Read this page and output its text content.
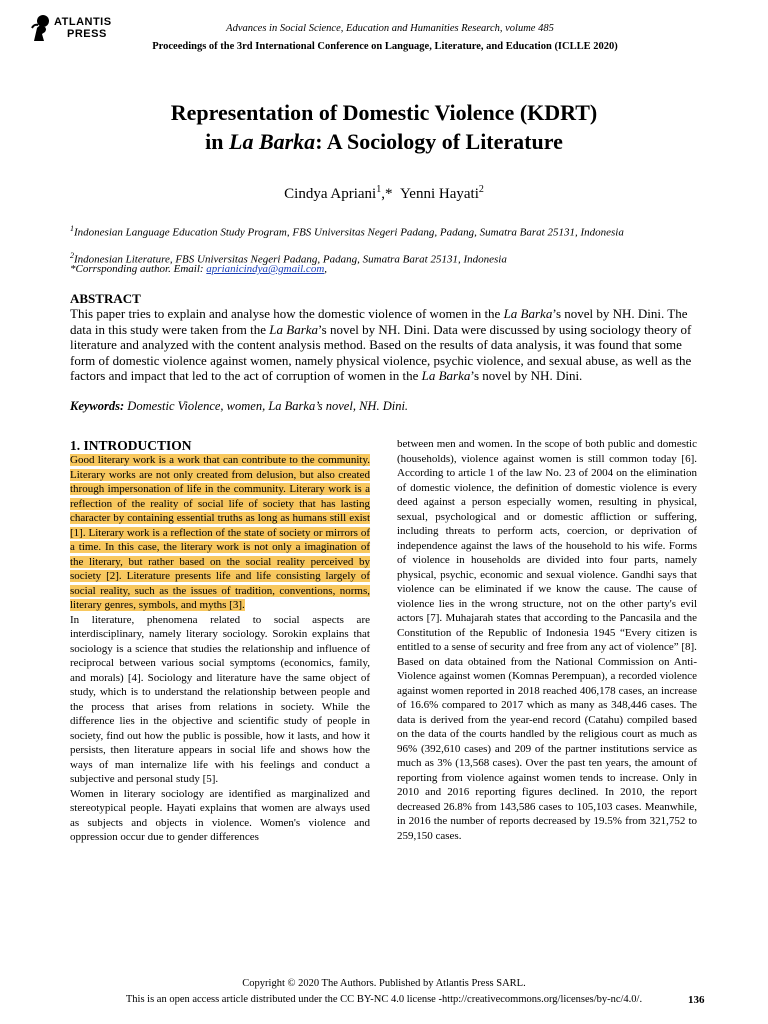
ATLANTIS
PRESS	Advances in Social Science, Education and Humanities Research, volume 485
Proceedings of the 3rd International Conference on Language, Literature, and Education (ICLLE 2020)
Representation of Domestic Violence (KDRT)
in La Barka: A Sociology of Literature
Cindya Apriani$^1$,* Yenni Hayati$^2$
$^1$Indonesian Language Education Study Program, FBS Universitas Negeri Padang, Padang, Sumatra Barat 25131, Indonesia
$^2$Indonesian Literature, FBS Universitas Negeri Padang, Padang, Sumatra Barat 25131, Indonesia
*Corrsponding author. Email: aprianicindya@gmail.com,
ABSTRACT
This paper tries to explain and analyse how the domestic violence of women in the La Barka’s novel by NH. Dini. The data in this study were taken from the La Barka’s novel by NH. Dini. Data were discussed by using sociology theory of literature and analyzed with the content analysis method. Based on the results of data analysis, it was found that some form of domestic violence against women, namely physical violence, psychic violence, and sexual abuse, as well as the factors and impact that led to the act of corruption of women in the La Barka’s novel by NH. Dini.
Keywords: Domestic Violence, women, La Barka’s novel, NH. Dini.
1. INTRODUCTION

Good literary work is a work that can contribute to the community. Literary works are not only created from delusion, but also created through impersonation of life in the community. Literary work is a reflection of the reality of social life of society that has lasting character by containing essential truths as long as humans still exist [1]. Literary work is a reflection of the state of society or mirrors of a time. In this case, the literary work is not only a imagination of the literary, but rather based on the social reality perceived by society [2]. Literature presents life and life consisting largely of social reality, such as the issues of tradition, conventions, norms, literary genres, symbols, and myths [3].

In literature, phenomena related to social aspects are interdisciplinary, namely literary sociology. Sorokin explains that sociology is a science that studies the relationship and influence of reciprocal between various social symptoms (economics, family, and morals) [4]. Sociology and literature have the same object of study, which is to understand the relationship between people and the process that arises from relations in society. While the difference lies in the objective and scientific study of people in society, find out how the public is possible, how it lasts, and how it persists, then literature appears in social life and shows how the ways of man internalize life with his feelings and conduct a subjective and personal study [5].

Women in literary sociology are identified as marginalized and stereotypical people. Hayati explains that women are always used as subjects and objects in violence. Women's violence and oppression occur due to gender differences

between men and women. In the scope of both public and domestic (households), violence against women is still common today [6]. According to article 1 of the law No. 23 of 2004 on the elimination of domestic violence, the definition of domestic violence is every deed against a person especially women, resulting in physical, sexual, psychological and or domestic affliction or suffering, including threats to perform acts, coercion, or deprivation of independence against the laws of the household to his wife. Forms of violence in households are divided into four parts, namely physical, psychic, economic and sexual violence. Gandhi says that violence can be eliminated if we know the cause. The cause of violence lies in the wrong structure, not on the other party's evil actors [7]. Muhajarah states that according to the Pancasila and the Constitution of the Republic of Indonesia 1945 “Every citizen is entitled to a sense of security and free from any act of violence” [8].

Based on data obtained from the National Commission on Anti-Violence against women (Komnas Perempuan), a recorded violence against women reported in 2018 reached 406,178 cases, an increase of 16.6% compared to 2017 which as many as 348,446 cases. The data is derived from the year-end record (Catahu) compiled based on the data of the courts handled by the religious court as much as 96% (392,610 cases) and 209 of the partner institutions service as much as 3% (13,568 cases). Over the past ten years, the amount of reporting from violence against women tends to increase. Only in 2010 and 2016 reporting figures declined. In 2010, the report decreased 26.8% from 143,586 cases to 105,103 cases. Meanwhile, in 2016 the number of reports decreased by 19.5% from 321,752 to 259,150 cases.

Copyright © 2020 The Authors. Published by Atlantis Press SARL.
This is an open access article distributed under the CC BY-NC 4.0 license -http://creativecommons.org/licenses/by-nc/4.0/.	136
